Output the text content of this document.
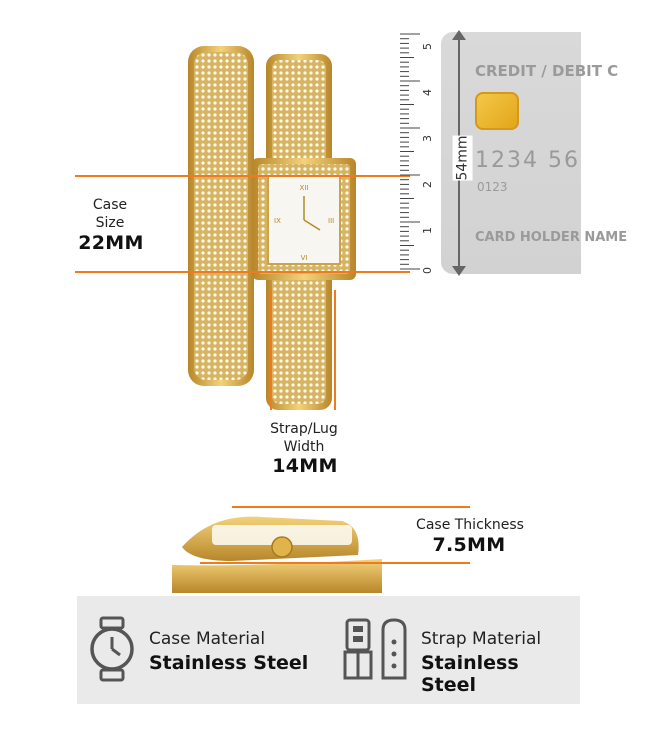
XII
VI
IX	III
Case
Size
22MM
Strap/Lug
Width
14MM
5
4
3
2
1
0
CREDIT / DEBIT C
1234 56
0123
CARD HOLDER NAME
54mm
Case Thickness
7.5MM
Case Material
Stainless Steel
Strap Material
Stainless Steel
